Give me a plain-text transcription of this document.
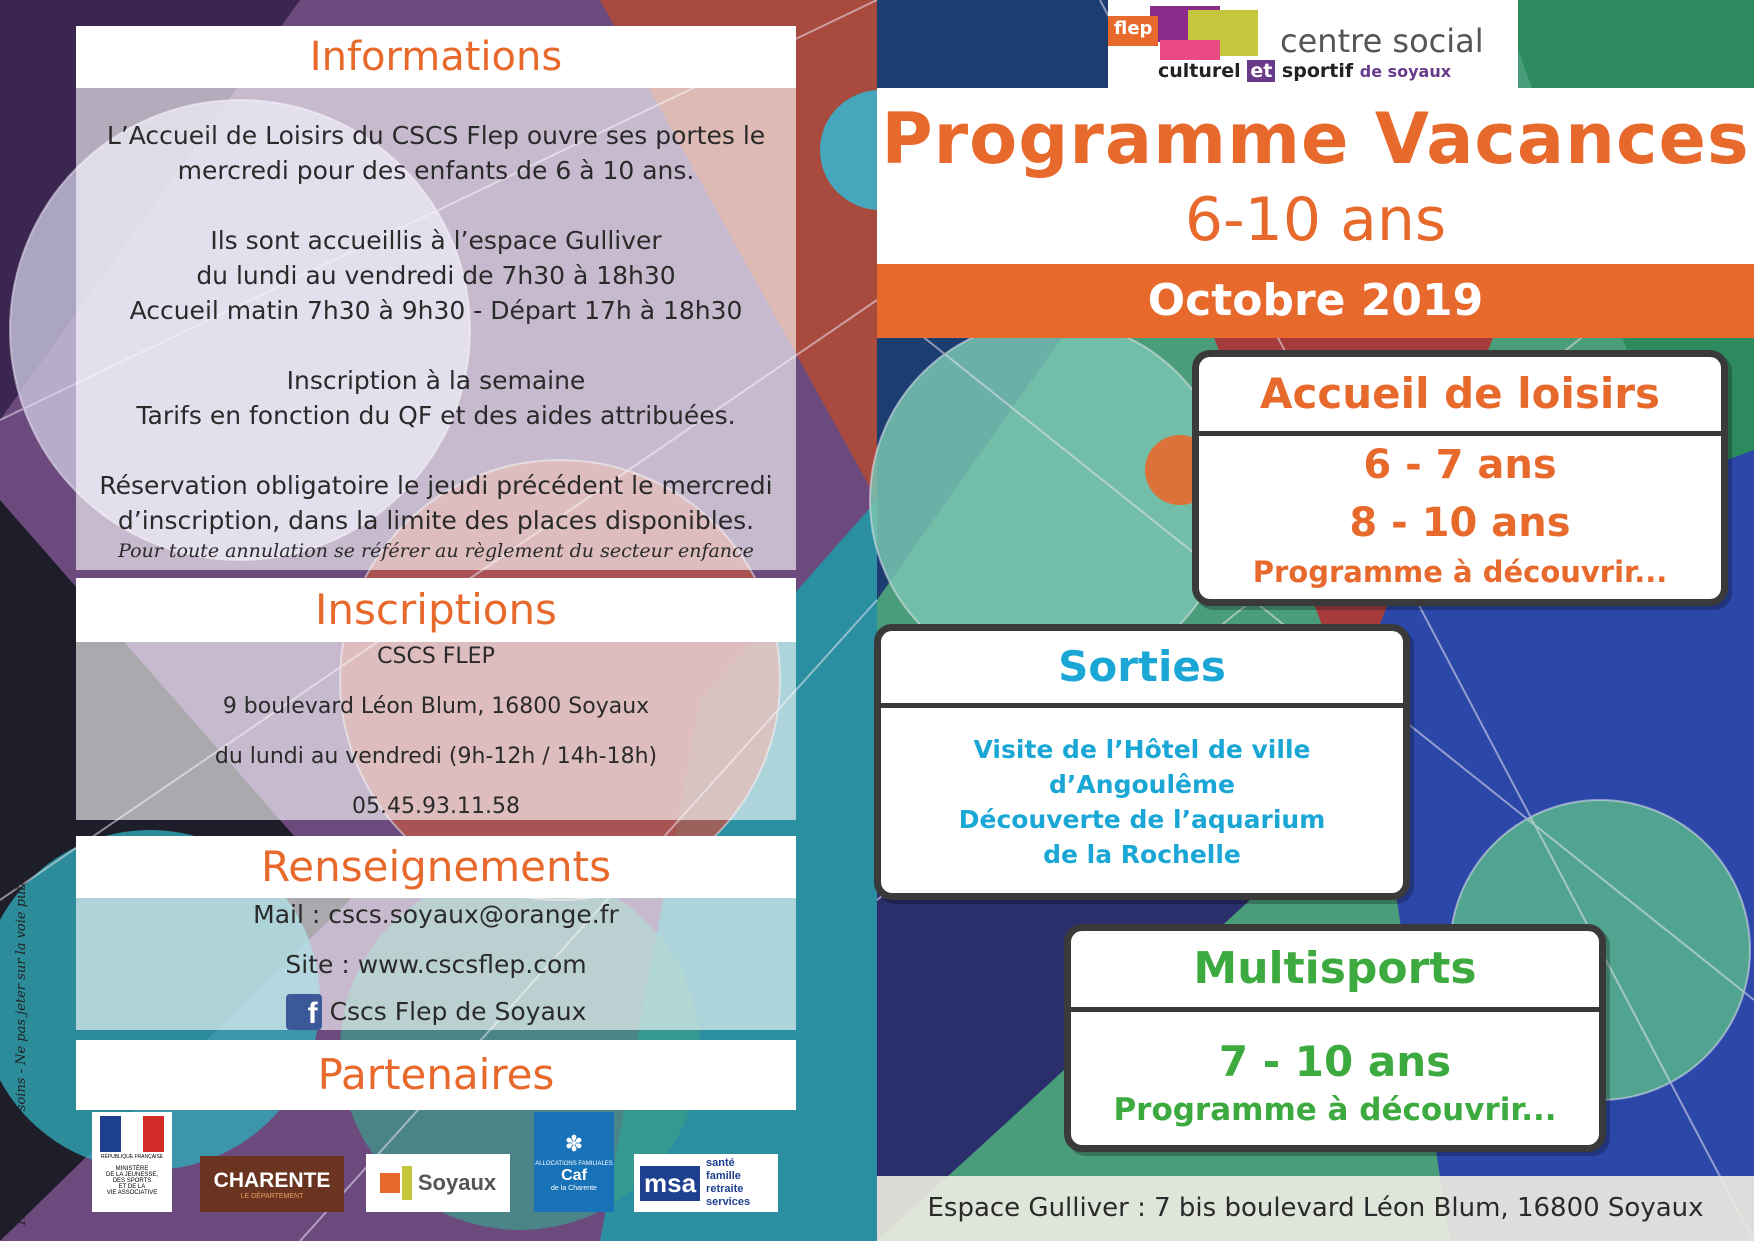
flep	centre social
culturel et sportif de soyaux
Programme Vacances
6-10 ans
Octobre 2019
Informations
L’Accueil de Loisirs du CSCS Flep ouvre ses portes le
mercredi pour des enfants de 6 à 10 ans.
Ils sont accueillis à l’espace Gulliver
du lundi au vendredi de 7h30 à 18h30
Accueil matin 7h30 à 9h30 - Départ 17h à 18h30
Inscription à la semaine
Tarifs en fonction du QF et des aides attribuées.
Réservation obligatoire le jeudi précédent le mercredi
d’inscription, dans la limite des places disponibles.
Pour toute annulation se référer au règlement du secteur enfance
Inscriptions
CSCS FLEP
9 boulevard Léon Blum, 16800 Soyaux
du lundi au vendredi (9h-12h / 14h-18h)
05.45.93.11.58
Renseignements
Mail : cscs.soyaux@orange.fr
Site : www.cscsflep.com
f Cscs Flep de Soyaux
Partenaires
RÉPUBLIQUE FRANÇAISE
MINISTÈRE
DE LA JEUNESSE,
DES SPORTS
ET DE LA
VIE ASSOCIATIVE
CHARENTE
LE DÉPARTEMENT
Soyaux
✽
ALLOCATIONS FAMILIALES
Caf
de la Charente msa
santé
famille
retraite
services
Imprimé par nos soins - Ne pas jeter sur la voie publique
Accueil de loisirs
6 - 7 ans
8 - 10 ans
Programme à découvrir...
Sorties
Visite de l’Hôtel de ville
d’Angoulême
Découverte de l’aquarium
de la Rochelle
Multisports
7 - 10 ans
Programme à découvrir...
Espace Gulliver : 7 bis boulevard Léon Blum, 16800 Soyaux
